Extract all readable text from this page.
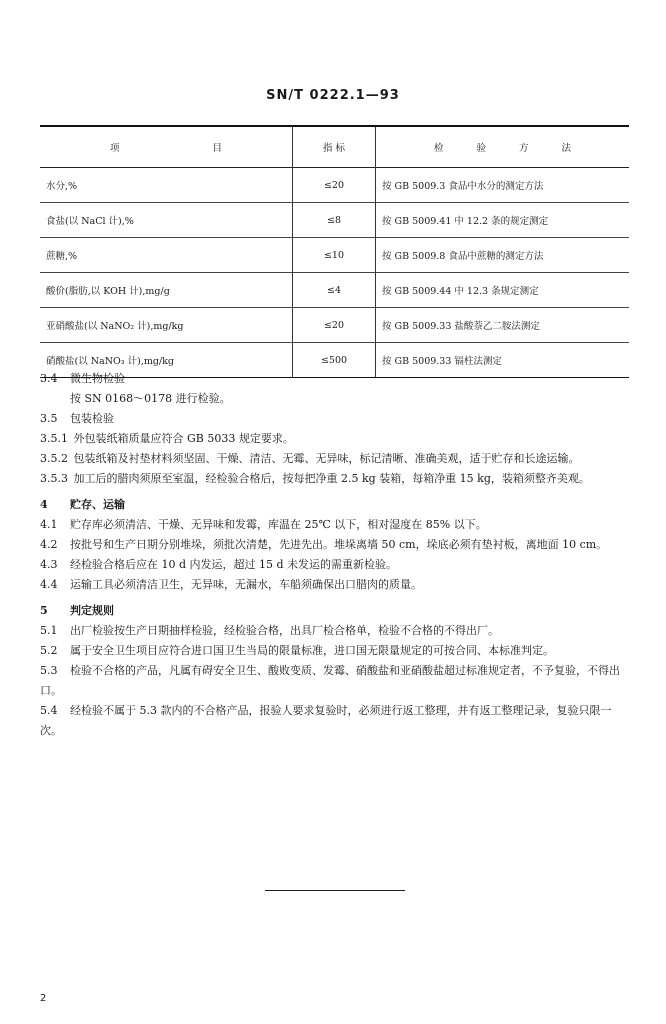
SN/T 0222.1—93
项 目	指 标	检 验 方 法
水分,%	≤20	按 GB 5009.3 食品中水分的测定方法
食盐(以 NaCl 计),%	≤8	按 GB 5009.41 中 12.2 条的规定测定
蔗糖,%	≤10	按 GB 5009.8 食品中蔗糖的测定方法
酸价(脂肪,以 KOH 计),mg/g	≤4	按 GB 5009.44 中 12.3 条规定测定
亚硝酸盐(以 NaNO₂ 计),mg/kg	≤20	按 GB 5009.33 盐酸萘乙二胺法测定
硝酸盐(以 NaNO₃ 计),mg/kg	≤500	按 GB 5009.33 镉柱法测定

3.4 微生物检验

按 SN 0168～0178 进行检验。

3.5 包装检验

3.5.1 外包装纸箱质量应符合 GB 5033 规定要求。

3.5.2 包装纸箱及衬垫材料须坚固、干燥、清洁、无霉、无异味，标记清晰、准确美观，适于贮存和长途运输。

3.5.3 加工后的腊肉须原至室温，经检验合格后，按每把净重 2.5 kg 装箱，每箱净重 15 kg，装箱须整齐美观。

4 贮存、运输

4.1 贮存库必须清洁、干燥、无异味和发霉，库温在 25℃ 以下，相对湿度在 85% 以下。

4.2 按批号和生产日期分别堆垛，须批次清楚，先进先出。堆垛离墙 50 cm，垛底必须有垫衬板，离地面 10 cm。

4.3 经检验合格后应在 10 d 内发运，超过 15 d 未发运的需重新检验。

4.4 运输工具必须清洁卫生，无异味，无漏水，车船须确保出口腊肉的质量。

5 判定规则

5.1 出厂检验按生产日期抽样检验，经检验合格，出具厂检合格单，检验不合格的不得出厂。

5.2 属于安全卫生项目应符合进口国卫生当局的限量标准，进口国无限量规定的可按合同、本标准判定。

5.3 检验不合格的产品，凡属有碍安全卫生、酸败变质、发霉、硝酸盐和亚硝酸盐超过标准规定者，不予复验，不得出口。

5.4 经检验不属于 5.3 款内的不合格产品，报验人要求复验时，必须进行返工整理，并有返工整理记录，复验只限一次。

2
